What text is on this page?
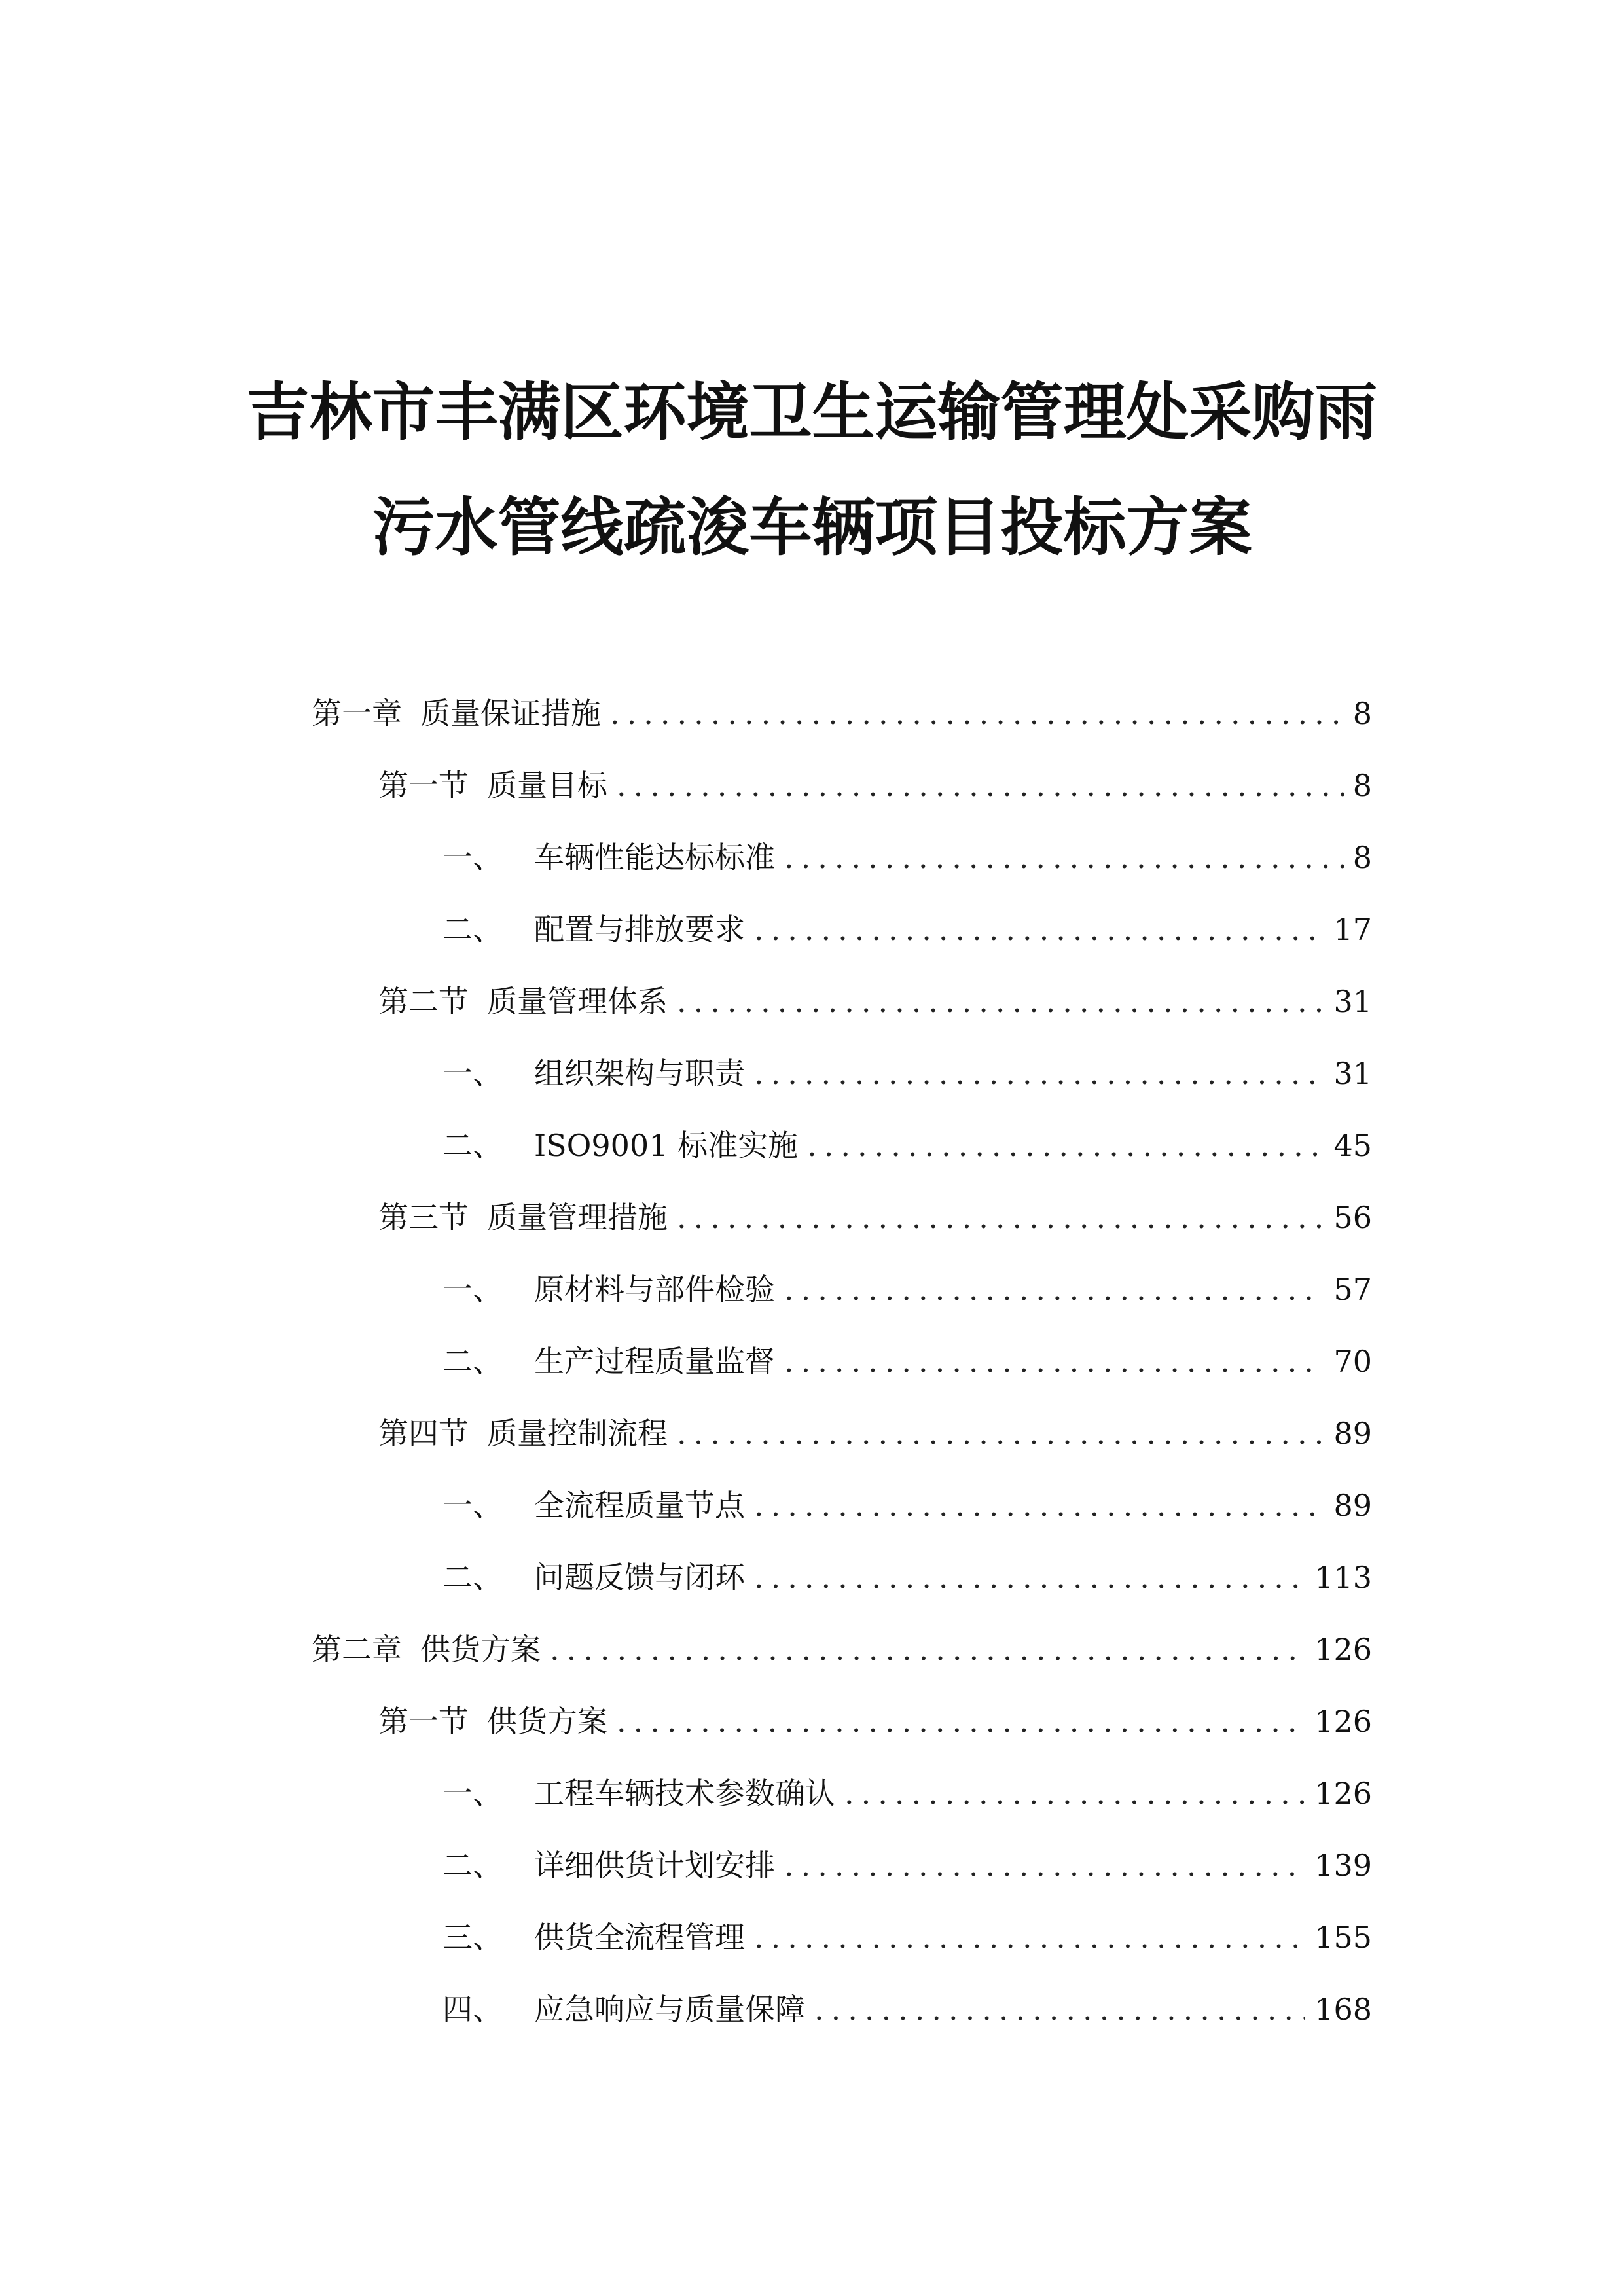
吉林市丰满区环境卫生运输管理处采购雨
污水管线疏浚车辆项目投标方案
第一章 质量保证措施 .....	8
第一节 质量目标 .....	8
一、 车辆性能达标标准 .....	8
二、 配置与排放要求 .....	17
第二节 质量管理体系 .....	31
一、 组织架构与职责 .....	31
二、 ISO9001 标准实施 .....	45
第三节 质量管理措施 .....	56
一、 原材料与部件检验 .....	57
二、 生产过程质量监督 .....	70
第四节 质量控制流程 .....	89
一、 全流程质量节点 .....	89
二、 问题反馈与闭环 .....	113
第二章 供货方案 .....	126
第一节 供货方案 .....	126
一、 工程车辆技术参数确认 .....	126
二、 详细供货计划安排 .....	139
三、 供货全流程管理 .....	155
四、 应急响应与质量保障 .....	168
